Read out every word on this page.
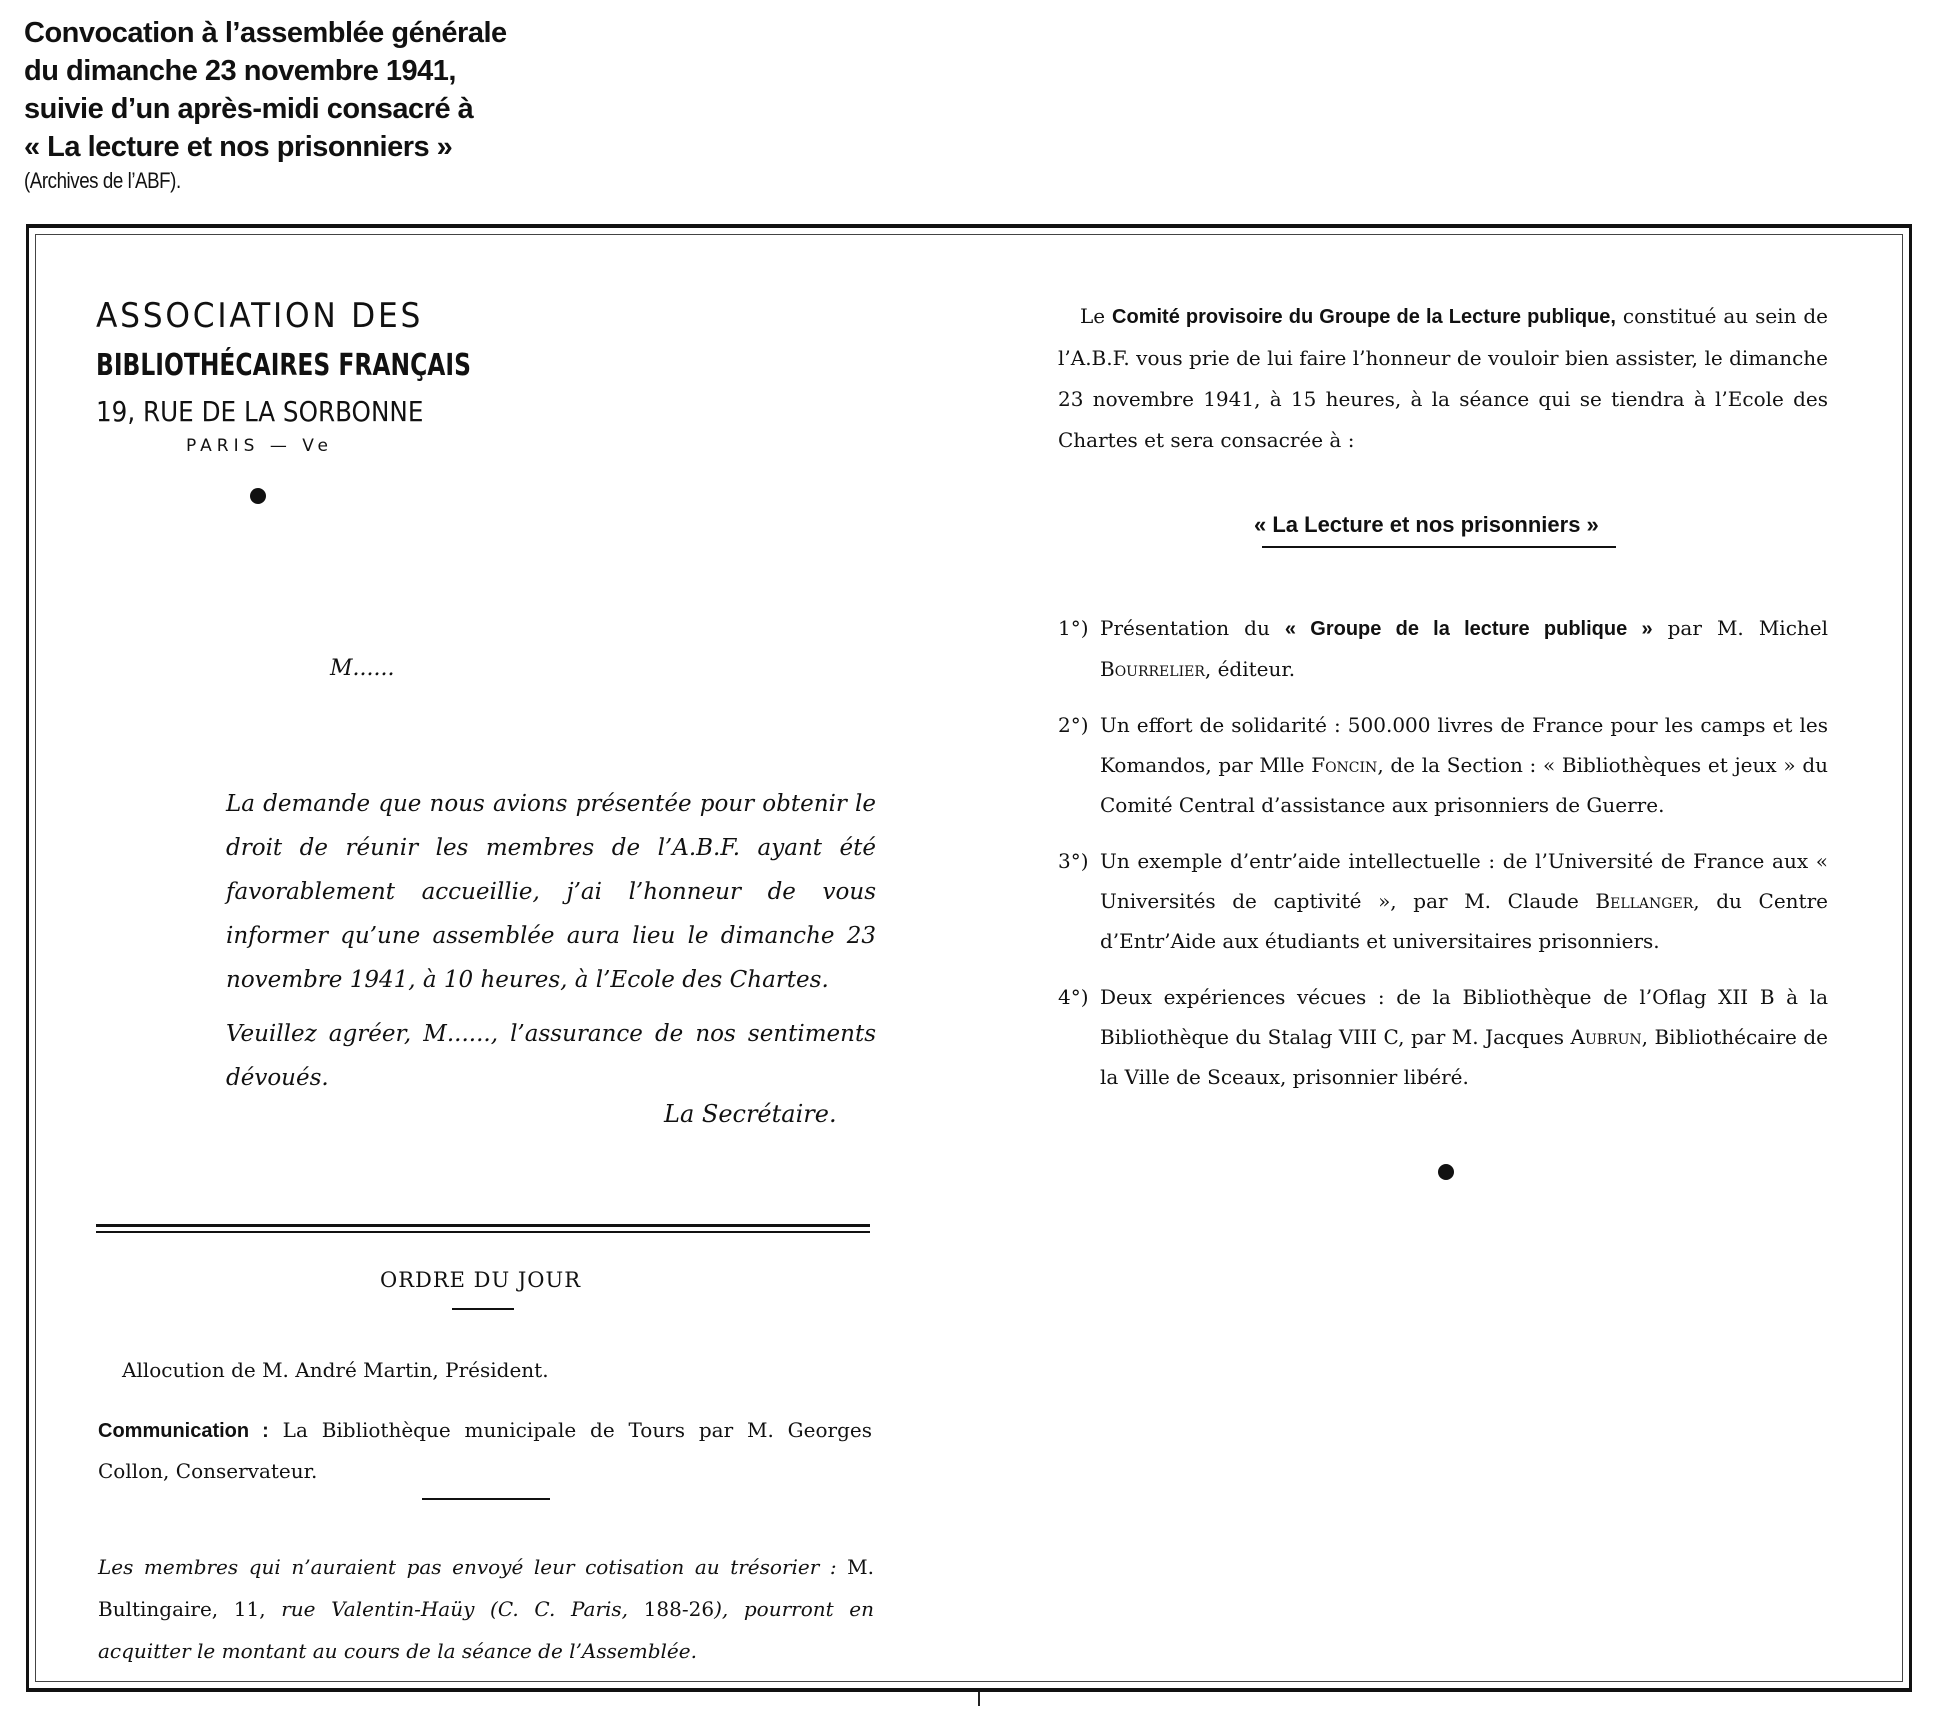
Convocation à l’assemblée générale
du dimanche 23 novembre 1941,
suivie d’un après-midi consacré à
« La lecture et nos prisonniers »
(Archives de l’ABF).
ASSOCIATION DES
BIBLIOTHÉCAIRES FRANÇAIS
19, RUE DE LA SORBONNE
PARIS — Ve
M......

La demande que nous avions présentée pour obtenir le droit de réunir les membres de l’A.B.F. ayant été favorablement accueillie, j’ai l’honneur de vous informer qu’une assemblée aura lieu le dimanche 23 novembre 1941, à 10 heures, à l’Ecole des Chartes.

Veuillez agréer, M......, l’assurance de nos sentiments dévoués.

La Secrétaire.
ORDRE DU JOUR
Allocution de M. André Martin, Président.
Communication : La Bibliothèque municipale de Tours par M. Georges Collon, Conservateur.
Les membres qui n’auraient pas envoyé leur cotisation au trésorier : M. Bultingaire, 11, rue Valentin-Haüy (C. C. Paris, 188-26), pourront en acquitter le montant au cours de la séance de l’Assemblée.
Le Comité provisoire du Groupe de la Lecture publique, constitué au sein de l’A.B.F. vous prie de lui faire l’honneur de vouloir bien assister, le dimanche 23 novembre 1941, à 15 heures, à la séance qui se tiendra à l’Ecole des Chartes et sera consacrée à :
« La Lecture et nos prisonniers »
1°) Présentation du « Groupe de la lecture publique » par M. Michel Bourrelier, éditeur.
2°) Un effort de solidarité : 500.000 livres de France pour les camps et les Komandos, par Mlle Foncin, de la Section : « Bibliothèques et jeux » du Comité Central d’assistance aux prisonniers de Guerre.
3°) Un exemple d’entr’aide intellectuelle : de l’Université de France aux « Universités de captivité », par M. Claude Bellanger, du Centre d’Entr’Aide aux étudiants et universitaires prisonniers.
4°) Deux expériences vécues : de la Bibliothèque de l’Oflag XII B à la Bibliothèque du Stalag VIII C, par M. Jacques Aubrun, Bibliothécaire de la Ville de Sceaux, prisonnier libéré.
